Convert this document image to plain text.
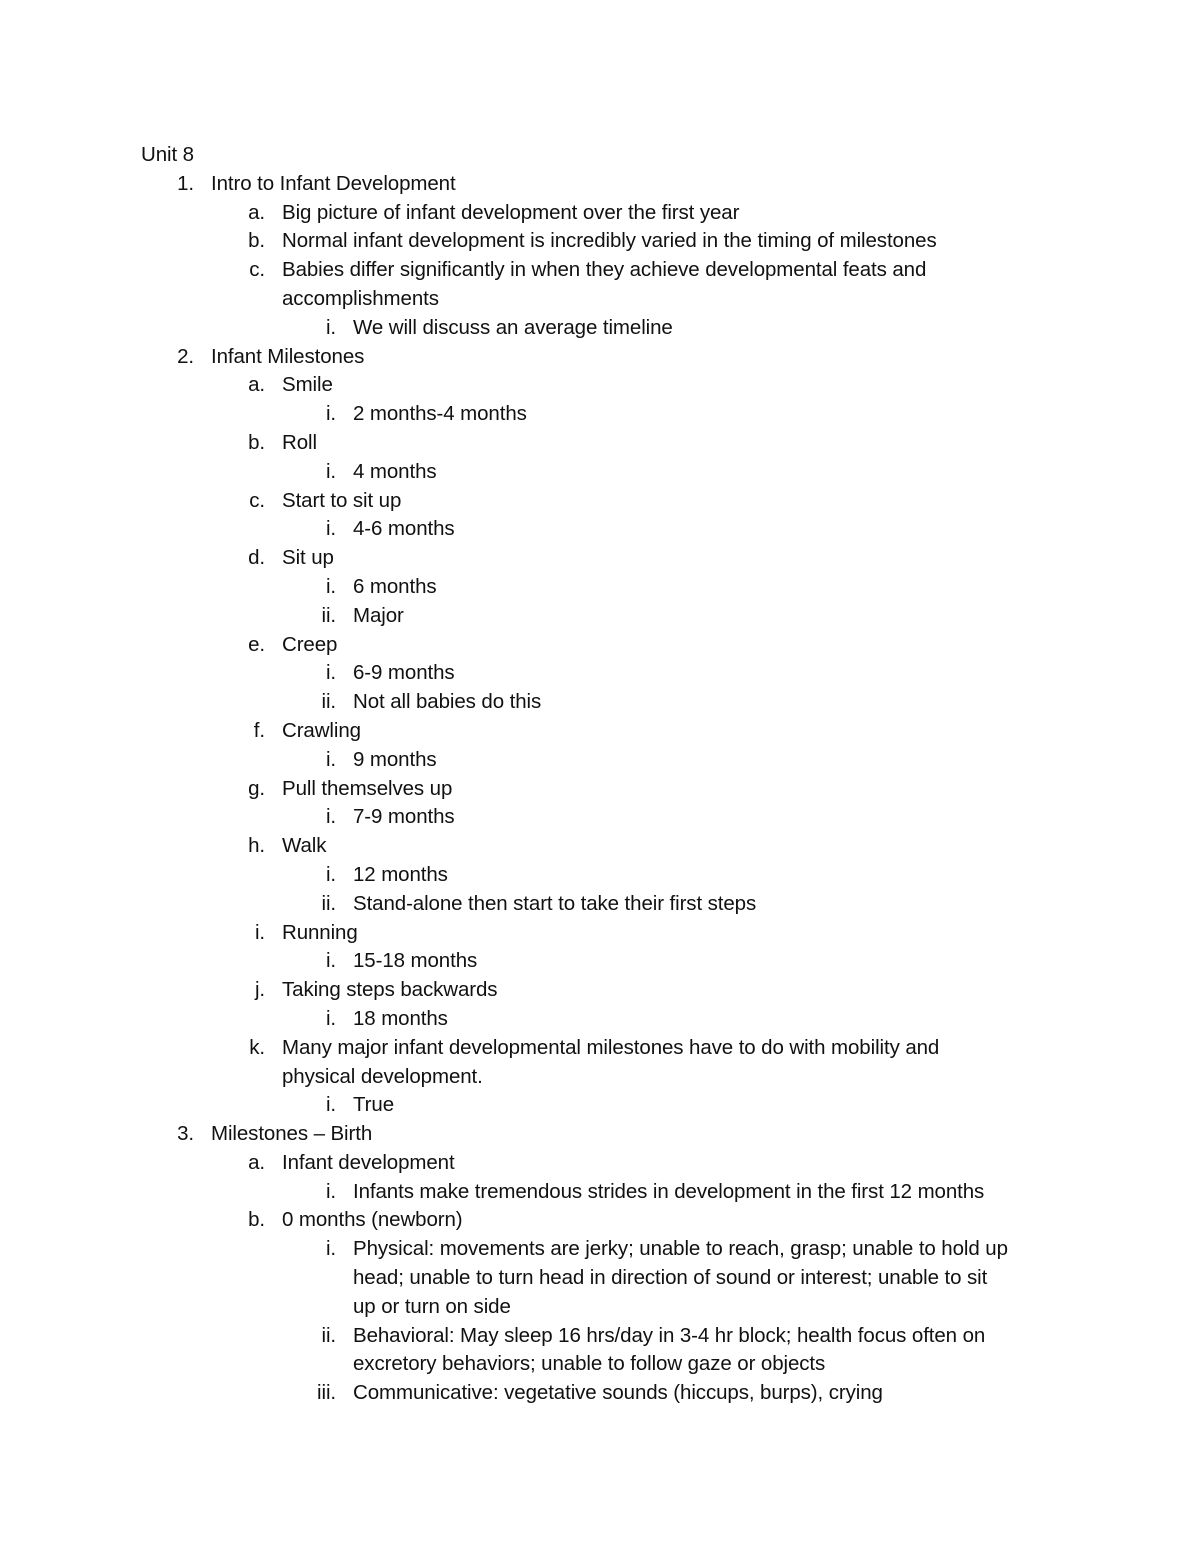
Unit 8
1. Intro to Infant Development
a. Big picture of infant development over the first year
b. Normal infant development is incredibly varied in the timing of milestones
c. Babies differ significantly in when they achieve developmental feats and
accomplishments
i. We will discuss an average timeline
2. Infant Milestones
a. Smile
i. 2 months-4 months
b. Roll
i. 4 months
c. Start to sit up
i. 4-6 months
d. Sit up
i. 6 months
ii. Major
e. Creep
i. 6-9 months
ii. Not all babies do this
f. Crawling
i. 9 months
g. Pull themselves up
i. 7-9 months
h. Walk
i. 12 months
ii. Stand-alone then start to take their first steps
i. Running
i. 15-18 months
j. Taking steps backwards
i. 18 months
k. Many major infant developmental milestones have to do with mobility and
physical development.
i. True
3. Milestones – Birth
a. Infant development
i. Infants make tremendous strides in development in the first 12 months
b. 0 months (newborn)
i. Physical: movements are jerky; unable to reach, grasp; unable to hold up
head; unable to turn head in direction of sound or interest; unable to sit
up or turn on side
ii. Behavioral: May sleep 16 hrs/day in 3-4 hr block; health focus often on
excretory behaviors; unable to follow gaze or objects
iii. Communicative: vegetative sounds (hiccups, burps), crying
